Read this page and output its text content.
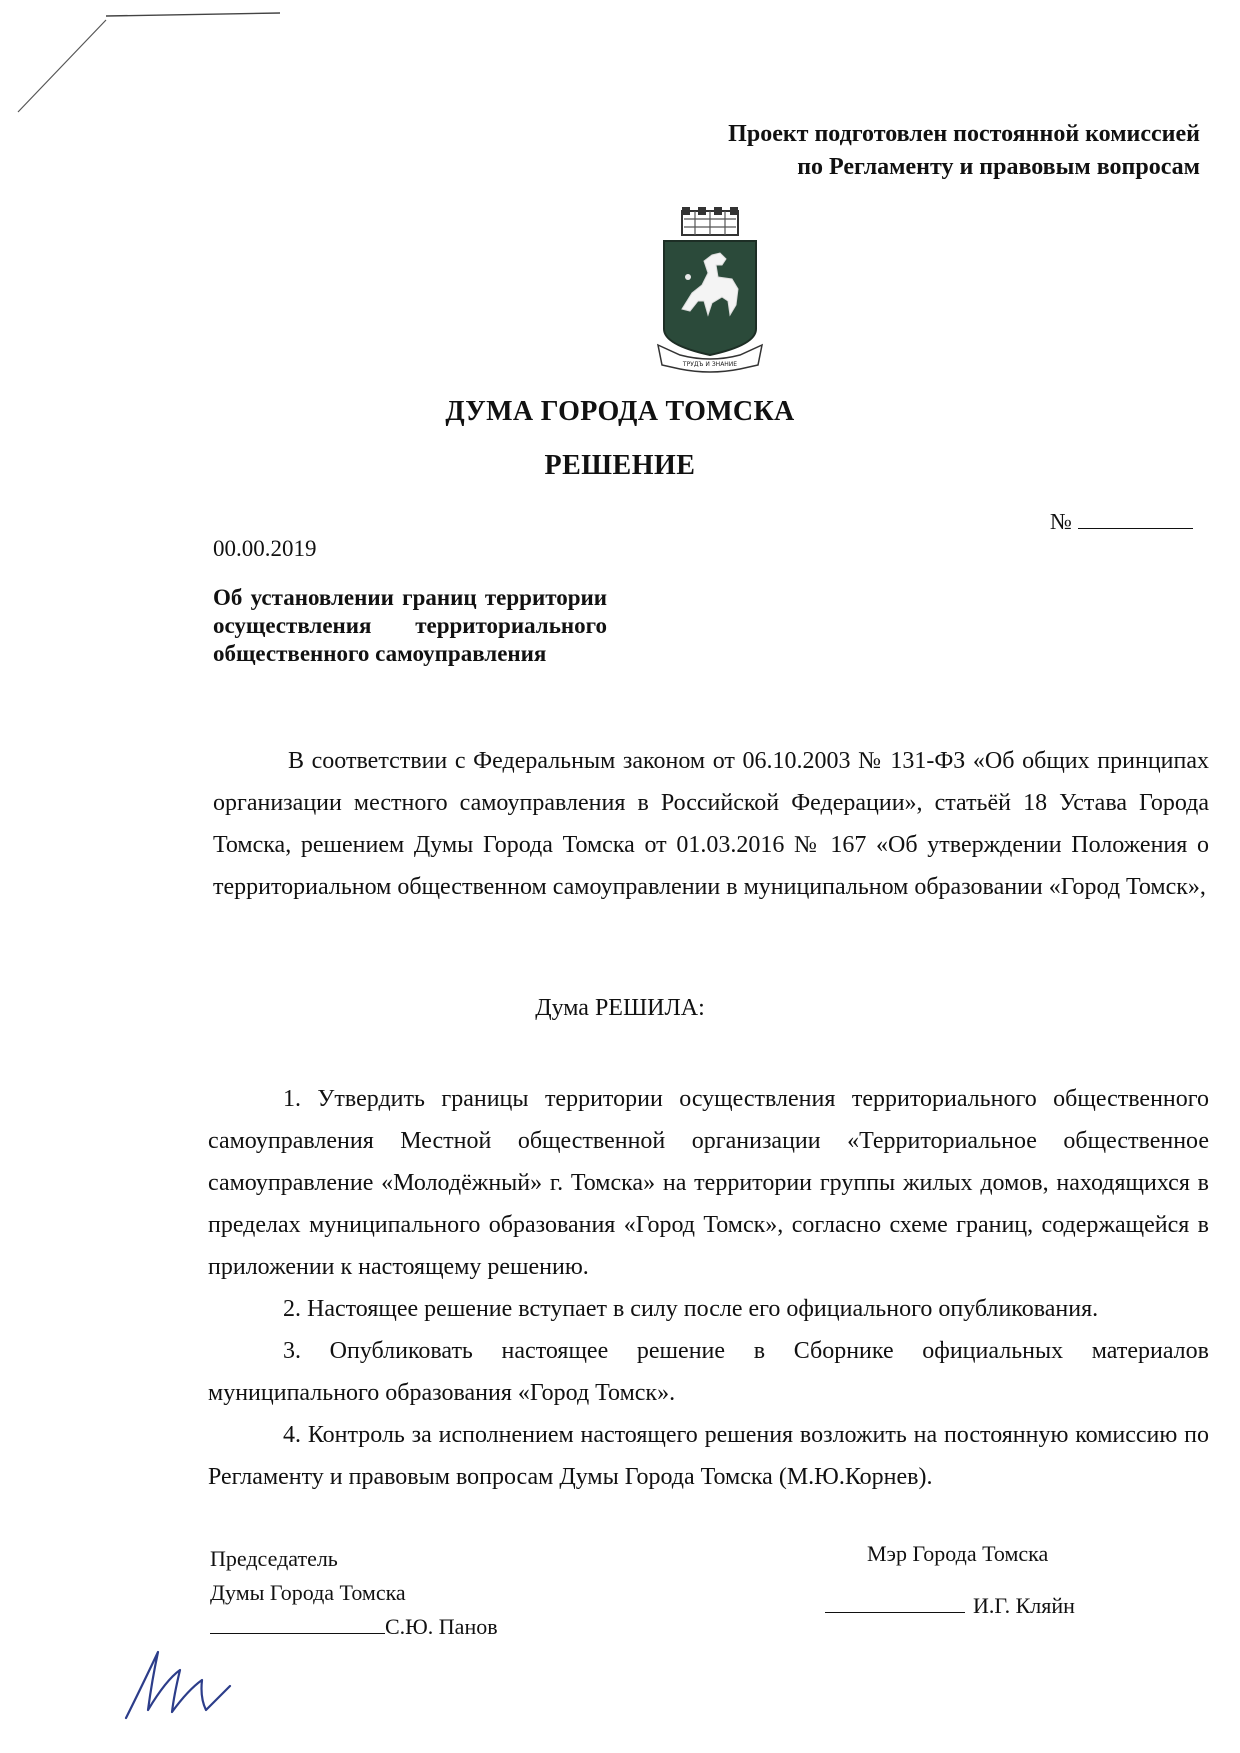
Проект подготовлен постоянной комиссией
по Регламенту и правовым вопросам
ТРУДЪ И ЗНАНИЕ
ДУМА ГОРОДА ТОМСКА
РЕШЕНИЕ
№
00.00.2019
Об установлении границ территории осуществления территориального общественного самоуправления

В соответствии с Федеральным законом от 06.10.2003 № 131-ФЗ «Об общих принципах организации местного самоуправления в Российской Федерации», статьёй 18 Устава Города Томска, решением Думы Города Томска от 01.03.2016 № 167 «Об утверждении Положения о территориальном общественном самоуправлении в муниципальном образовании «Город Томск»,

Дума РЕШИЛА:

1. Утвердить границы территории осуществления территориального общественного самоуправления Местной общественной организации «Территориальное общественное самоуправление «Молодёжный» г. Томска» на территории группы жилых домов, находящихся в пределах муниципального образования «Город Томск», согласно схеме границ, содержащейся в приложении к настоящему решению.

2. Настоящее решение вступает в силу после его официального опубликования.

3. Опубликовать настоящее решение в Сборнике официальных материалов муниципального образования «Город Томск».

4. Контроль за исполнением настоящего решения возложить на постоянную комиссию по Регламенту и правовым вопросам Думы Города Томска (М.Ю.Корнев).

Председатель
Думы Города Томска
С.Ю. Панов
Мэр Города Томска
И.Г. Кляйн
